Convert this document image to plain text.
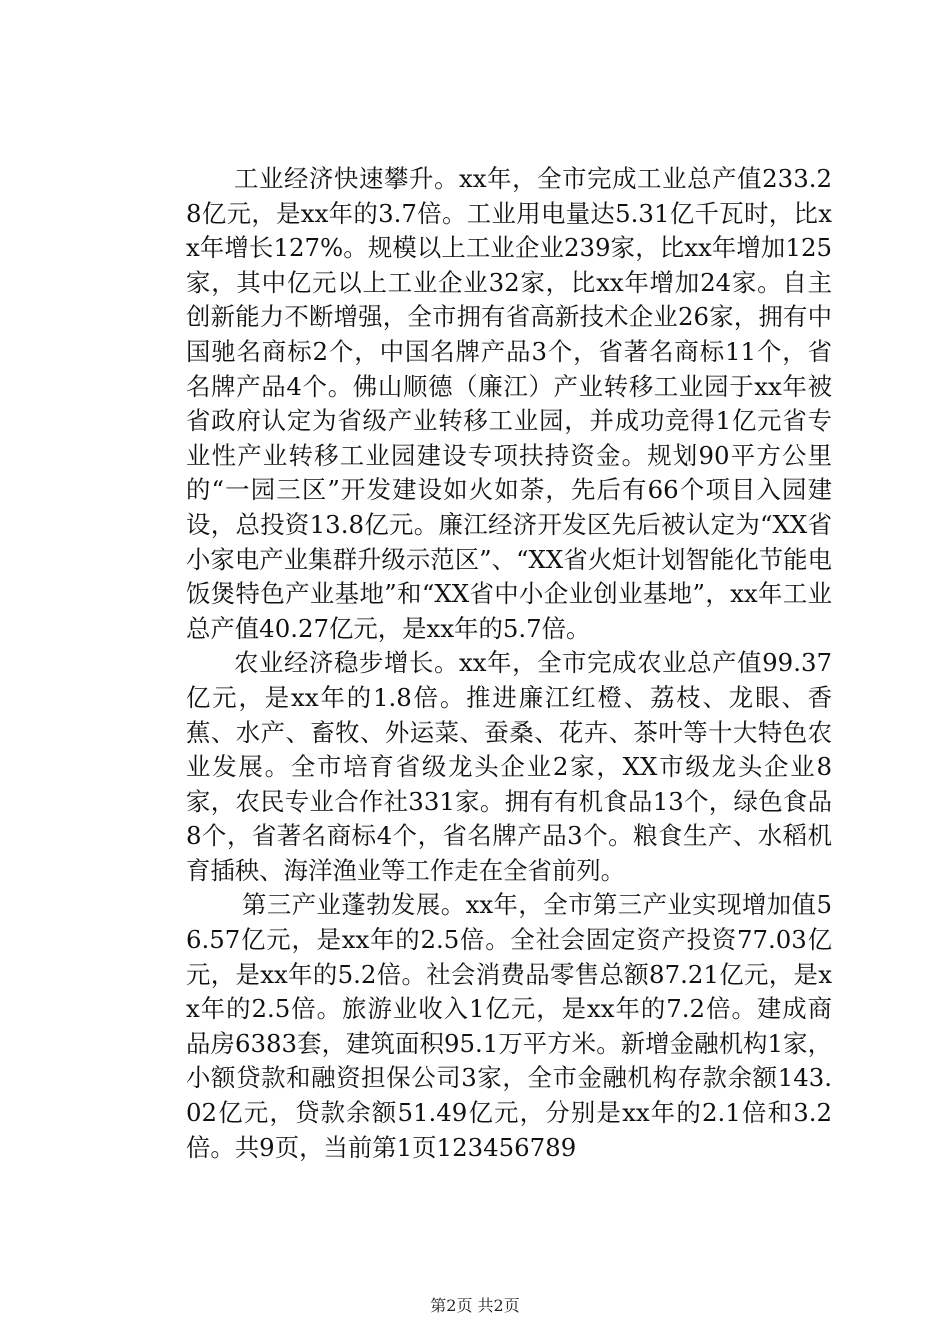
工业经济快速攀升。xx年，全市完成工业总产值233.28亿元，是xx年的3.7倍。工业用电量达5.31亿千瓦时，比xx年增长127%。规模以上工业企业239家，比xx年增加125家，其中亿元以上工业企业32家，比xx年增加24家。自主创新能力不断增强，全市拥有省高新技术企业26家，拥有中国驰名商标2个，中国名牌产品3个，省著名商标11个，省名牌产品4个。佛山顺德（廉江）产业转移工业园于xx年被省政府认定为省级产业转移工业园，并成功竞得1亿元省专业性产业转移工业园建设专项扶持资金。规划90平方公里的“一园三区”开发建设如火如荼，先后有66个项目入园建设，总投资13.8亿元。廉江经济开发区先后被认定为“XX省小家电产业集群升级示范区”、“XX省火炬计划智能化节能电饭煲特色产业基地”和“XX省中小企业创业基地”，xx年工业总产值40.27亿元，是xx年的5.7倍。

农业经济稳步增长。xx年，全市完成农业总产值99.37亿元，是xx年的1.8倍。推进廉江红橙、荔枝、龙眼、香蕉、水产、畜牧、外运菜、蚕桑、花卉、茶叶等十大特色农业发展。全市培育省级龙头企业2家，XX市级龙头企业8家，农民专业合作社331家。拥有有机食品13个，绿色食品8个，省著名商标4个，省名牌产品3个。粮食生产、水稻机育插秧、海洋渔业等工作走在全省前列。

第三产业蓬勃发展。xx年，全市第三产业实现增加值56.57亿元，是xx年的2.5倍。全社会固定资产投资77.03亿元，是xx年的5.2倍。社会消费品零售总额87.21亿元，是xx年的2.5倍。旅游业收入1亿元，是xx年的7.2倍。建成商品房6383套，建筑面积95.1万平方米。新增金融机构1家，小额贷款和融资担保公司3家，全市金融机构存款余额143.02亿元，贷款余额51.49亿元，分别是xx年的2.1倍和3.2倍。共9页，当前第1页123456789

第2页 共2页
